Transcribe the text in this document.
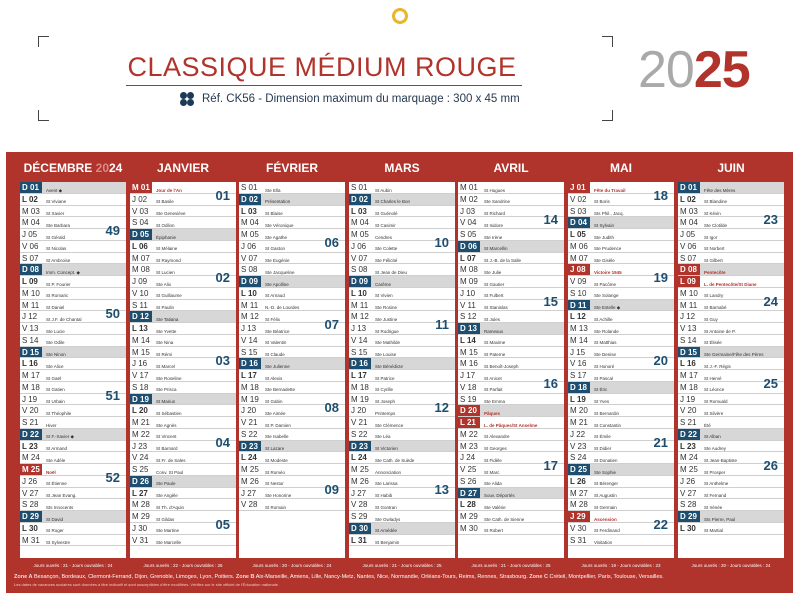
CLASSIQUE MÉDIUM ROUGE
Réf. CK56 - Dimension maximum du marquage : 300 x 45 mm 2025
DÉCEMBRE 2024
D 01	Avent ◆
L 02	St Viviane
M 03	St Xavier
M 04	Ste Barbara
J 05	St Gérald
V 06	St Nicolas
S 07	St Ambroise
D 08	Imm. Concept. ◆
L 09	St P. Fourier
M 10	St Romaric
M 11	St Daniel
J 12	St J.F. de Chantal
V 13	Ste Lucie
S 14	Ste Odile
D 15	Ste Ninon
L 16	Ste Alice
M 17	St Gaël
M 18	St Gatien
J 19	St Urbain
V 20	St Théophile
S 21	Hiver
D 22	St F.-Xavier ◆
L 23	St Armand
M 24	Ste Adèle
M 25	Noël
J 26	St Étienne
V 27	St Jean Evang.
S 28	Sts Innocents
D 29	St David
L 30	St Roger
M 31	St Sylvestre
49
50
51
52
JANVIER
M 01	Jour de l'An
J 02	St Basile
V 03	Ste Geneviève
S 04	St Odilon
D 05	Épiphanie
L 06	St Mélaine
M 07	St Raymond
M 08	St Lucien
J 09	Ste Alix
V 10	St Guillaume
S 11	St Paulin
D 12	Ste Tatiana
L 13	Ste Yvette
M 14	Ste Nina
M 15	St Rémi
J 16	St Marcel
V 17	Ste Roseline
S 18	Ste Prisca
D 19	St Marius
L 20	St Sébastien
M 21	Ste Agnès
M 22	St Vincent
J 23	St Barnard
V 24	St Fr. de Sales
S 25	Conv. St Paul
D 26	Ste Paule
L 27	Ste Angèle
M 28	St Th. d'Aquin
M 29	St Gildas
J 30	Ste Martine
V 31	Ste Marcelle
01
02
03
04
05
FÉVRIER
S 01	Ste Ella
D 02	Présentation
L 03	St Blaise
M 04	Ste Véronique
M 05	Ste Agathe
J 06	St Gaston
V 07	Ste Eugénie
S 08	Ste Jacqueline
D 09	Ste Apolline
L 10	St Arnaud
M 11	N.-D. de Lourdes
M 12	St Félix
J 13	Ste Béatrice
V 14	St Valentin
S 15	St Claude
D 16	Ste Julienne
L 17	St Alexis
M 18	Ste Bernadette
M 19	St Gabin
J 20	Ste Aimée
V 21	St P. Damien
S 22	Ste Isabelle
D 23	St Lazare
L 24	St Modeste
M 25	St Roméo
M 26	St Nestor
J 27	Ste Honorine
V 28	St Romain
06
07
08
09
MARS
S 01	St Aubin
D 02	St Charles le Bon
L 03	St Guénolé
M 04	St Casimir
M 05	Cendres
J 06	Ste Colette
V 07	Ste Félicité
S 08	St Jean de Dieu
D 09	Carême
L 10	St Vivien
M 11	Ste Rosine
M 12	Ste Justine
J 13	St Rodrigue
V 14	Ste Mathilde
S 15	Ste Louise
D 16	Ste Bénédicte
L 17	St Patrice
M 18	St Cyrille
M 19	St Joseph
J 20	Printemps
V 21	Ste Clémence
S 22	Ste Léa
D 23	St Victorien
L 24	Ste Cath. de Suède
M 25	Annonciation
M 26	Ste Larissa
J 27	St Habib
V 28	St Gontran
S 29	Ste Gwladys
D 30	St Amédée
L 31	St Benjamin
10
11
12
13
AVRIL
M 01	St Hugues
M 02	Ste Sandrine
J 03	St Richard
V 04	St Isidore
S 05	Ste Irène
D 06	St Marcellin
L 07	St J.-B. de la Salle
M 08	Ste Julie
M 09	St Gautier
J 10	St Fulbert
V 11	St Stanislas
S 12	St Jules
D 13	Rameaux
L 14	St Maxime
M 15	St Paterne
M 16	St Benoît-Joseph
J 17	St Anicet
V 18	St Parfait
S 19	Ste Emma
D 20	Pâques
L 21	L. de Pâques/St Anselme
M 22	St Alexandre
M 23	St Georges
J 24	St Fidèle
V 25	St Marc
S 26	Ste Alida
D 27	Souv. Déportés
L 28	Ste Valérie
M 29	Ste Cath. de Sienne
M 30	St Robert
14
15
16
17
MAI
J 01	Fête du Travail
V 02	St Boris
S 03	Sts Phil., Jacq.
D 04	St Sylvain
L 05	Ste Judith
M 06	Ste Prudence
M 07	Ste Gisèle
J 08	Victoire 1945
V 09	St Pacôme
S 10	Ste Solange
D 11	Ste Estelle ◆
L 12	St Achille
M 13	Ste Rolande
M 14	St Matthias
J 15	Ste Denise
V 16	St Honoré
S 17	St Pascal
D 18	St Éric
L 19	St Yves
M 20	St Bernardin
M 21	St Constantin
J 22	St Émile
V 23	St Didier
S 24	St Donatien
D 25	Ste Sophie
L 26	St Bérenger
M 27	St Augustin
M 28	St Germain
J 29	Ascension
V 30	St Ferdinand
S 31	Visitation
18
19
20
21
22
JUIN
D 01	Fête des Mères
L 02	St Blandine
M 03	St Kévin
M 04	Ste Clotilde
J 05	St Igor
V 06	St Norbert
S 07	St Gilbert
D 08	Pentecôte
L 09	L. de Pentecôte/St Diane
M 10	St Landry
M 11	St Barnabé
J 12	St Guy
V 13	St Antoine de P.
S 14	St Élisée
D 15	Ste Germaine/Fête des Pères
L 16	St J.-F. Régis
M 17	St Hervé
M 18	St Léonce
J 19	St Romuald
V 20	St Silvère
S 21	Été
D 22	St Alban
L 23	Ste Audrey
M 24	St Jean-Baptiste
M 25	St Prosper
J 26	St Anthelme
V 27	St Fernand
S 28	St Irénée
D 29	Sts Pierre, Paul
L 30	St Martial
23
24
25
26
Jours ouvrés : 21 - Jours ouvrables : 24	Jours ouvrés : 22 - Jours ouvrables : 26	Jours ouvrés : 20 - Jours ouvrables : 24	Jours ouvrés : 21 - Jours ouvrables : 25	Jours ouvrés : 21 - Jours ouvrables : 25	Jours ouvrés : 19 - Jours ouvrables : 23	Jours ouvrés : 20 - Jours ouvrables : 24
Zone A Besançon, Bordeaux, Clermont-Ferrand, Dijon, Grenoble, Limoges, Lyon, Poitiers. Zone B Aix-Marseille, Amiens, Lille, Nancy-Metz, Nantes, Nice, Normandie, Orléans-Tours, Reims, Rennes, Strasbourg. Zone C Créteil, Montpellier, Paris, Toulouse, Versailles.
Les dates de vacances scolaires sont données à titre indicatif et sont susceptibles d'être modifiées. Vérifiez sur le site officiel de l'Éducation nationale.
